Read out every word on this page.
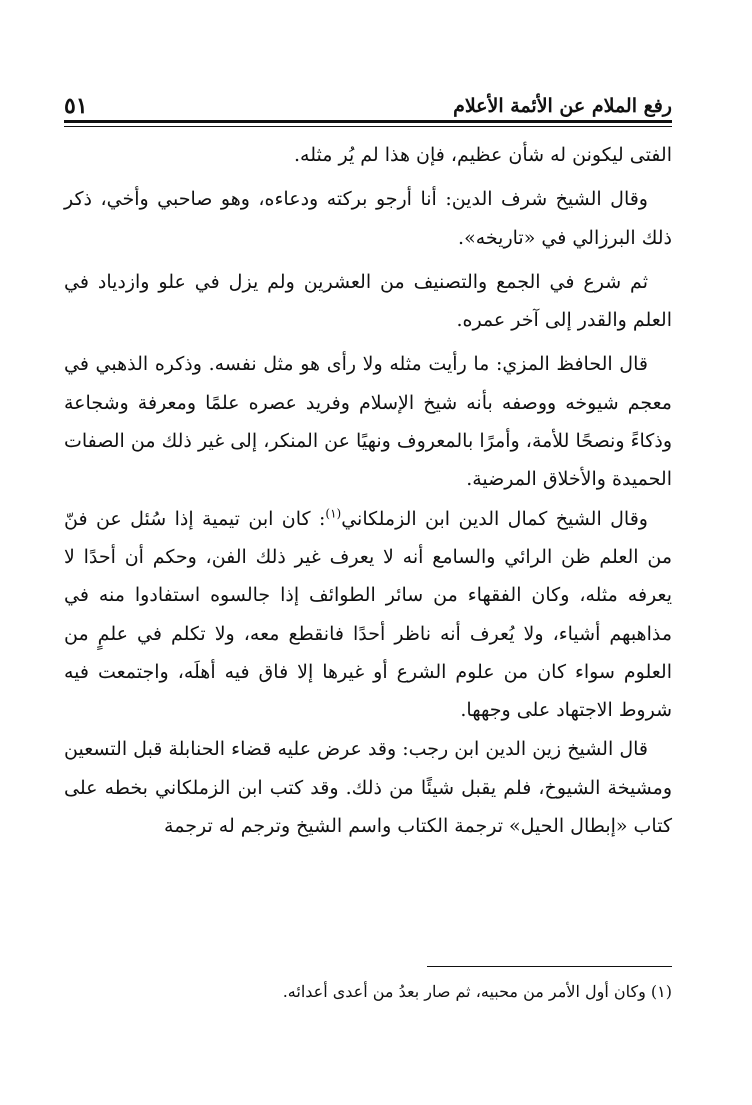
رفع الملام عن الأئمة الأعلام
٥١

الفتى ليكونن له شأن عظيم، فإن هذا لم يُر مثله.

وقال الشيخ شرف الدين: أنا أرجو بركته ودعاءه، وهو صاحبي وأخي، ذكر ذلك البرزالي في «تاريخه».

ثم شرع في الجمع والتصنيف من العشرين ولم يزل في علو وازدياد في العلم والقدر إلى آخر عمره.

قال الحافظ المزي: ما رأيت مثله ولا رأى هو مثل نفسه. وذكره الذهبي في معجم شيوخه ووصفه بأنه شيخ الإسلام وفريد عصره علمًا ومعرفة وشجاعة وذكاءً ونصحًا للأمة، وأمرًا بالمعروف ونهيًا عن المنكر، إلى غير ذلك من الصفات الحميدة والأخلاق المرضية.

وقال الشيخ كمال الدين ابن الزملكاني$^{(١)}$: كان ابن تيمية إذا سُئل عن فنّ من العلم ظن الرائي والسامع أنه لا يعرف غير ذلك الفن، وحكم أن أحدًا لا يعرفه مثله، وكان الفقهاء من سائر الطوائف إذا جالسوه استفادوا منه في مذاهبهم أشياء، ولا يُعرف أنه ناظر أحدًا فانقطع معه، ولا تكلم في علمٍ من العلوم سواء كان من علوم الشرع أو غيرها إلا فاق فيه أهلَه، واجتمعت فيه شروط الاجتهاد على وجهها.

قال الشيخ زين الدين ابن رجب: وقد عرض عليه قضاء الحنابلة قبل التسعين ومشيخة الشيوخ، فلم يقبل شيئًا من ذلك. وقد كتب ابن الزملكاني بخطه على كتاب «إبطال الحيل» ترجمة الكتاب واسم الشيخ وترجم له ترجمة

(١) وكان أول الأمر من محبيه، ثم صار بعدُ من أعدى أعدائه.
